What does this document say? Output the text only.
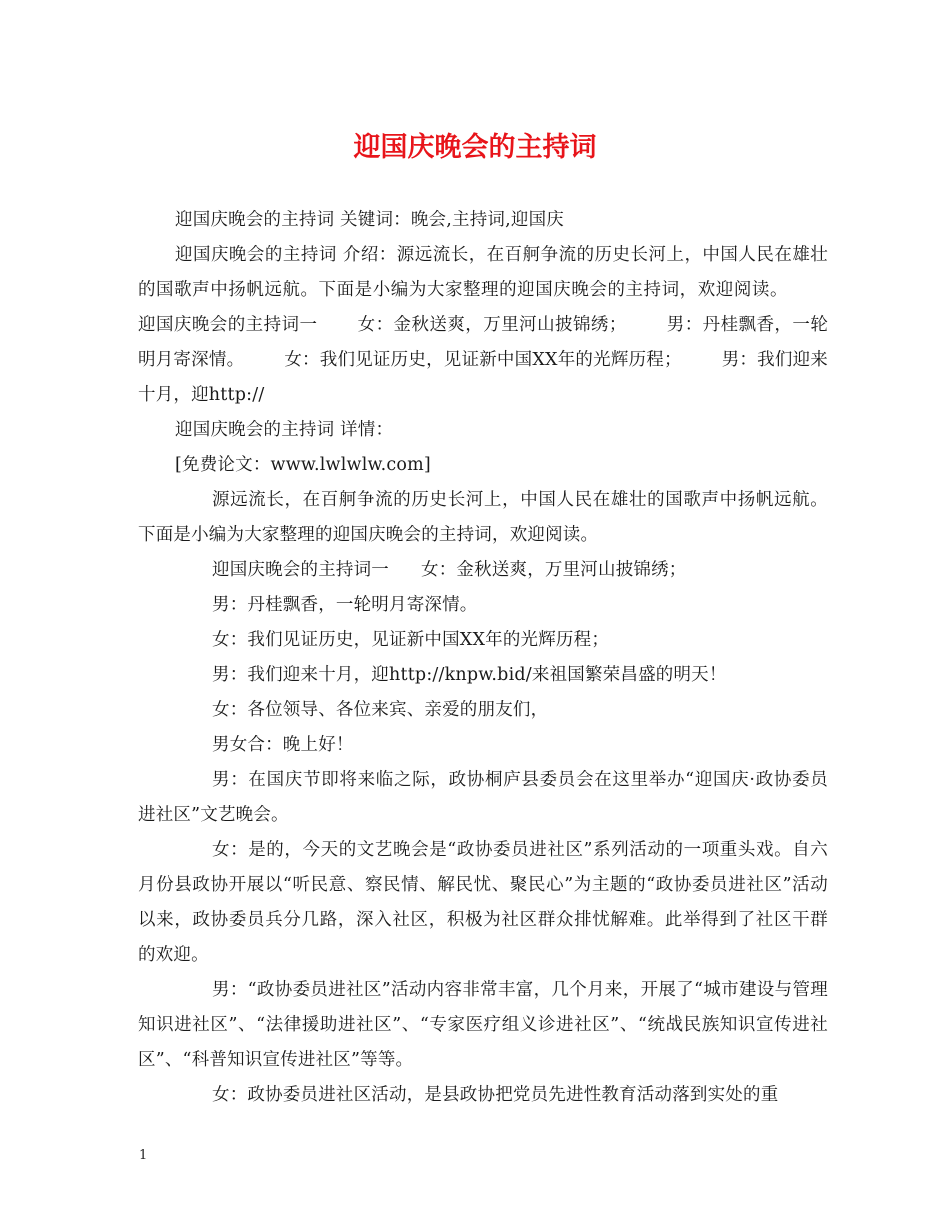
迎国庆晚会的主持词

迎国庆晚会的主持词 关键词：晚会,主持词,迎国庆

迎国庆晚会的主持词 介绍：源远流长，在百舸争流的历史长河上，中国人民在雄壮的国歌声中扬帆远航。下面是小编为大家整理的迎国庆晚会的主持词，欢迎阅读。迎国庆晚会的主持词一 女：金秋送爽，万里河山披锦绣； 男：丹桂飘香，一轮明月寄深情。 女：我们见证历史，见证新中国XX年的光辉历程； 男：我们迎来十月，迎http://

迎国庆晚会的主持词 详情：

[免费论文：www.lwlwlw.com]

源远流长，在百舸争流的历史长河上，中国人民在雄壮的国歌声中扬帆远航。下面是小编为大家整理的迎国庆晚会的主持词，欢迎阅读。

迎国庆晚会的主持词一 女：金秋送爽，万里河山披锦绣；

男：丹桂飘香，一轮明月寄深情。

女：我们见证历史，见证新中国XX年的光辉历程；

男：我们迎来十月，迎http://knpw.bid/来祖国繁荣昌盛的明天！

女：各位领导、各位来宾、亲爱的朋友们，

男女合：晚上好！

男：在国庆节即将来临之际，政协桐庐县委员会在这里举办“迎国庆·政协委员进社区”文艺晚会。

女：是的，今天的文艺晚会是“政协委员进社区”系列活动的一项重头戏。自六月份县政协开展以“听民意、察民情、解民忧、聚民心”为主题的“政协委员进社区”活动以来，政协委员兵分几路，深入社区，积极为社区群众排忧解难。此举得到了社区干群的欢迎。

男：“政协委员进社区”活动内容非常丰富，几个月来，开展了“城市建设与管理知识进社区”、“法律援助进社区”、“专家医疗组义诊进社区”、“统战民族知识宣传进社区”、“科普知识宣传进社区”等等。

女：政协委员进社区活动，是县政协把党员先进性教育活动落到实处的重

1
